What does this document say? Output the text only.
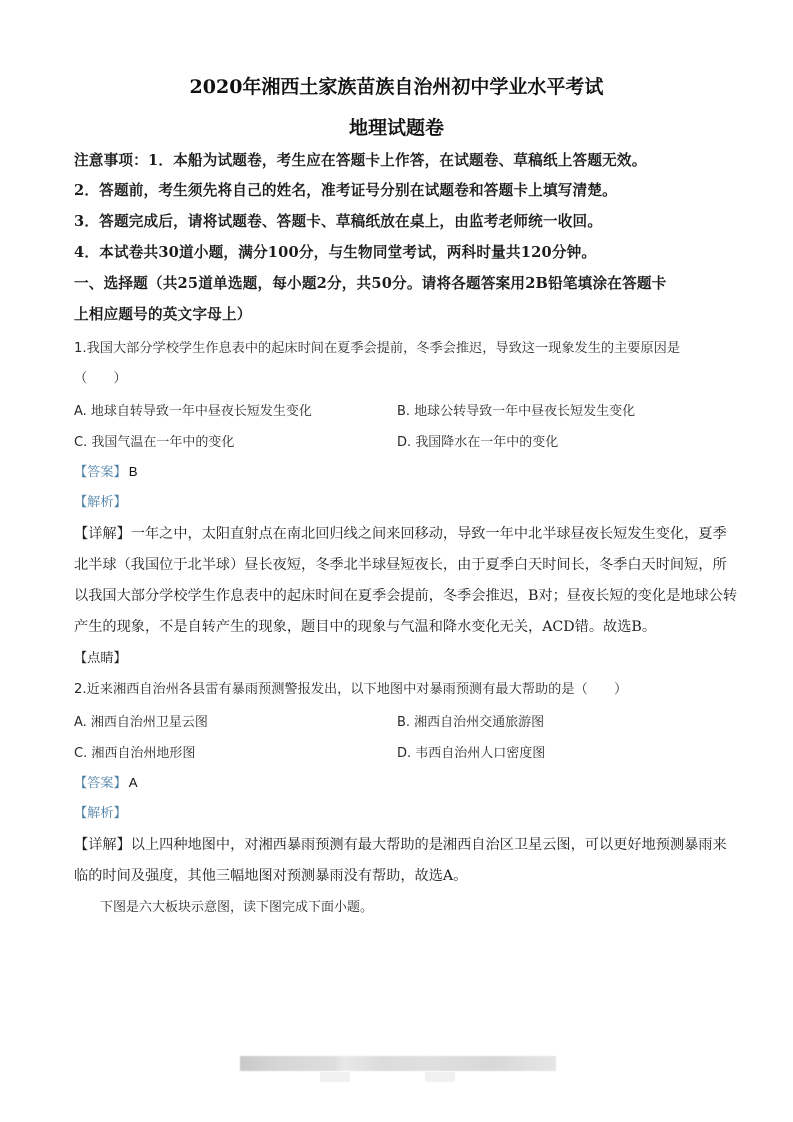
2020年湘西土家族苗族自治州初中学业水平考试
地理试题卷
注意事项：1．本船为试题卷，考生应在答题卡上作答，在试题卷、草稿纸上答题无效。
2．答题前，考生须先将自己的姓名，准考证号分别在试题卷和答题卡上填写清楚。
3．答题完成后，请将试题卷、答题卡、草稿纸放在桌上，由监考老师统一收回。
4．本试卷共30道小题，满分100分，与生物同堂考试，两科时量共120分钟。
一、选择题（共25道单选题，每小题2分，共50分。请将各题答案用2B铅笔填涂在答题卡
上相应题号的英文字母上）
1.我国大部分学校学生作息表中的起床时间在夏季会提前，冬季会推迟，导致这一现象发生的主要原因是
（　　）
A. 地球自转导致一年中昼夜长短发生变化	B. 地球公转导致一年中昼夜长短发生变化
C. 我国气温在一年中的变化	D. 我国降水在一年中的变化
【答案】 B
【解析】
【详解】一年之中，太阳直射点在南北回归线之间来回移动，导致一年中北半球昼夜长短发生变化，夏季
北半球（我国位于北半球）昼长夜短，冬季北半球昼短夜长，由于夏季白天时间长，冬季白天时间短，所
以我国大部分学校学生作息表中的起床时间在夏季会提前，冬季会推迟，B对；昼夜长短的变化是地球公转
产生的现象，不是自转产生的现象，题目中的现象与气温和降水变化无关，ACD错。故选B。
【点睛】
2.近来湘西自治州各县雷有暴雨预测警报发出，以下地图中对暴雨预测有最大帮助的是（　　）
A. 湘西自治州卫星云图	B. 湘西自治州交通旅游图
C. 湘西自治州地形图	D. 韦西自治州人口密度图
【答案】 A
【解析】
【详解】以上四种地图中，对湘西暴雨预测有最大帮助的是湘西自治区卫星云图，可以更好地预测暴雨来
临的时间及强度，其他三幅地图对预测暴雨没有帮助，故选A。
下图是六大板块示意图，读下图完成下面小题。
